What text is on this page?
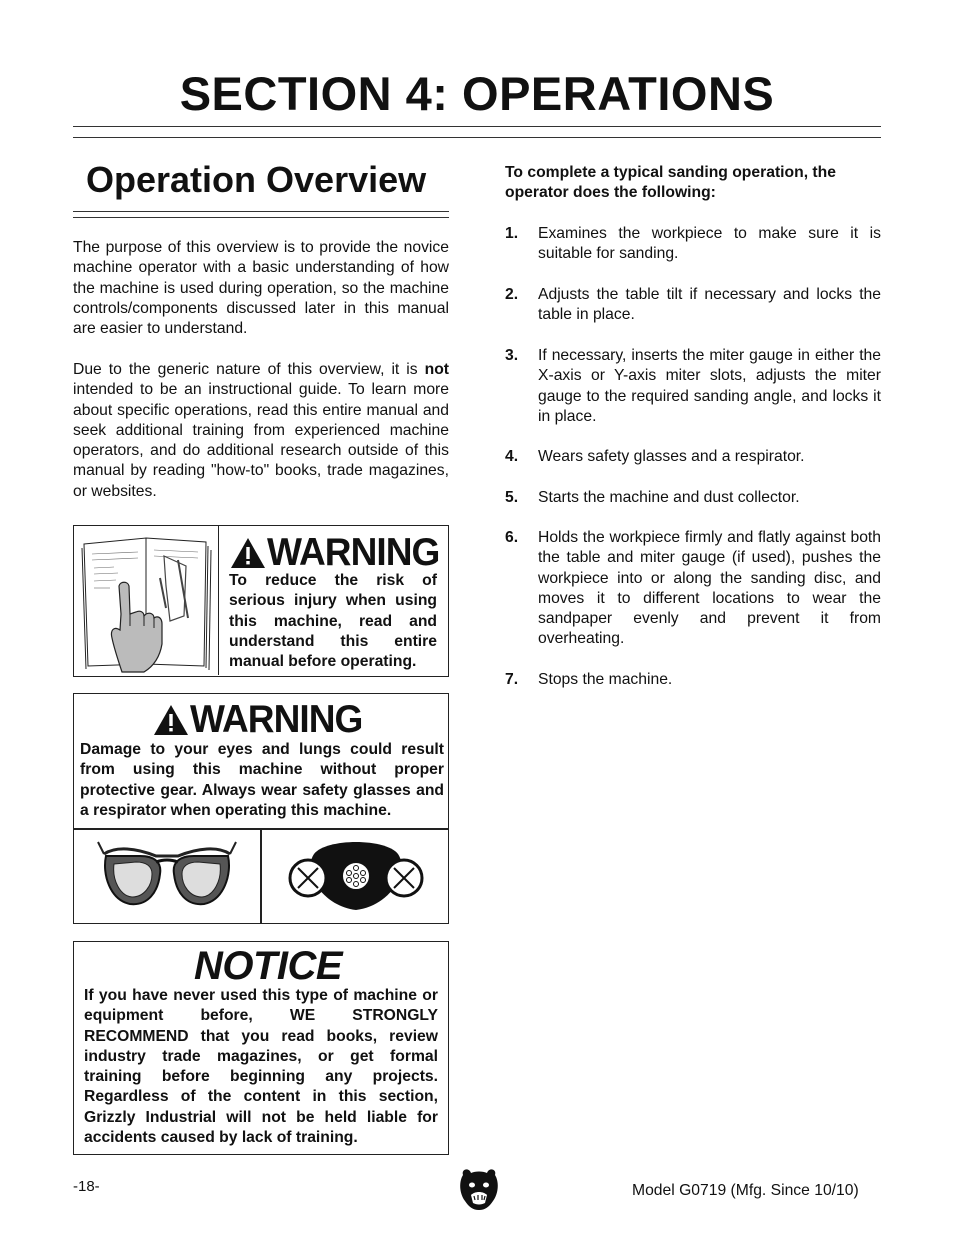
SECTION 4: OPERATIONS
Operation Overview
The purpose of this overview is to provide the novice machine operator with a basic understanding of how the machine is used during operation, so the machine controls/components discussed later in this manual are easier to understand.
Due to the generic nature of this overview, it is not intended to be an instructional guide. To learn more about specific operations, read this entire manual and seek additional training from experienced machine operators, and do additional research outside of this manual by reading "how-to" books, trade magazines, or websites.
WARNING
To reduce the risk of serious injury when using this machine, read and understand this entire manual before operating.
WARNING
Damage to your eyes and lungs could result from using this machine without proper protective gear. Always wear safety glasses and a respirator when operating this machine.
NOTICE
If you have never used this type of machine or equipment before, WE STRONGLY RECOMMEND that you read books, review industry trade magazines, or get formal training before beginning any projects. Regardless of the content in this section, Grizzly Industrial will not be held liable for accidents caused by lack of training.
To complete a typical sanding operation, the operator does the following:
1. Examines the workpiece to make sure it is suitable for sanding.
2. Adjusts the table tilt if necessary and locks the table in place.
3. If necessary, inserts the miter gauge in either the X-axis or Y-axis miter slots, adjusts the miter gauge to the required sanding angle, and locks it in place.
4. Wears safety glasses and a respirator.
5. Starts the machine and dust collector.
6. Holds the workpiece firmly and flatly against both the table and miter gauge (if used), pushes the workpiece into or along the sanding disc, and moves it to different locations to wear the sandpaper evenly and prevent it from overheating.
7. Stops the machine.
-18-	Model G0719 (Mfg. Since 10/10)
